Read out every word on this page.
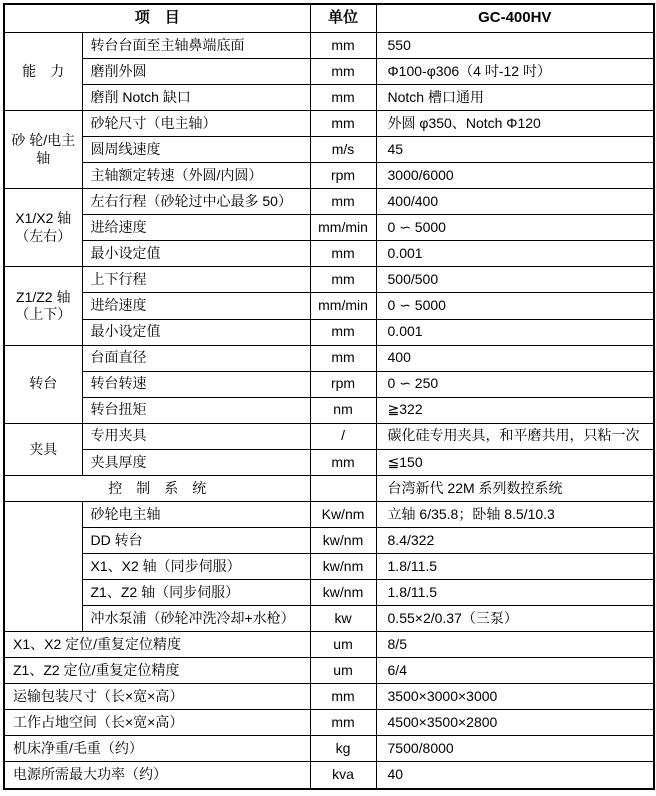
项　目		单位	GC-400HV
能　力	转台台面至主轴鼻端底面	mm	550
	磨削外圆	mm	Φ100-φ306（4 吋-12 吋）
	磨削 Notch 缺口	mm	Notch 槽口通用
砂 轮/电主轴	砂轮尺寸（电主轴）	mm	外圆 φ350、Notch Φ120
	圆周线速度	m/s	45
	主轴额定转速（外圆/内圆）	rpm	3000/6000
X1/X2 轴（左右）	左右行程（砂轮过中心最多 50）	mm	400/400
	进给速度	mm/min	0 ∽ 5000
	最小设定值	mm	0.001
Z1/Z2 轴（上下）	上下行程	mm	500/500
	进给速度	mm/min	0 ∽ 5000
	最小设定值	mm	0.001
转台	台面直径	mm	400
	转台转速	rpm	0 ∽ 250
	转台扭矩	nm	≧322
夹具	专用夹具	/	碳化硅专用夹具，和平磨共用，只粘一次
	夹具厚度	mm	≦150
控　制　系　统			台湾新代 22M 系列数控系统
	砂轮电主轴	Kw/nm	立轴 6/35.8；卧轴 8.5/10.3
	DD 转台	kw/nm	8.4/322
	X1、X2 轴（同步伺服）	kw/nm	1.8/11.5
	Z1、Z2 轴（同步伺服）	kw/nm	1.8/11.5
	冲水泵浦（砂轮冲洗冷却+水枪）	kw	0.55×2/0.37（三泵）
X1、X2 定位/重复定位精度		um	8/5
Z1、Z2 定位/重复定位精度		um	6/4
运输包装尺寸（长×宽×高）		mm	3500×3000×3000
工作占地空间（长×宽×高）		mm	4500×3500×2800
机床净重/毛重（约）		kg	7500/8000
电源所需最大功率（约）		kva	40
